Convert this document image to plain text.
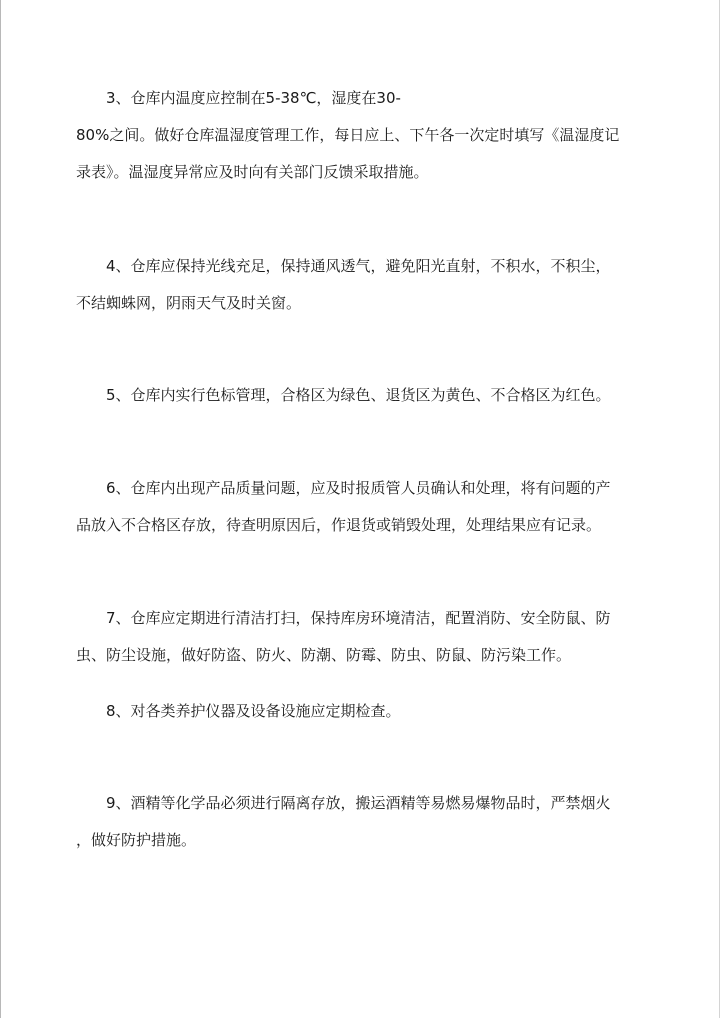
3、仓库内温度应控制在5-38℃，湿度在30-

80%之间。做好仓库温湿度管理工作，每日应上、下午各一次定时填写《温湿度记

录表》。温湿度异常应及时向有关部门反馈采取措施。

4、仓库应保持光线充足，保持通风透气，避免阳光直射，不积水，不积尘，

不结蜘蛛网，阴雨天气及时关窗。

5、仓库内实行色标管理，合格区为绿色、退货区为黄色、不合格区为红色。

6、仓库内出现产品质量问题，应及时报质管人员确认和处理，将有问题的产

品放入不合格区存放，待查明原因后，作退货或销毁处理，处理结果应有记录。

7、仓库应定期进行清洁打扫，保持库房环境清洁，配置消防、安全防鼠、防

虫、防尘设施，做好防盗、防火、防潮、防霉、防虫、防鼠、防污染工作。

8、对各类养护仪器及设备设施应定期检查。

9、酒精等化学品必须进行隔离存放，搬运酒精等易燃易爆物品时，严禁烟火

，做好防护措施。
